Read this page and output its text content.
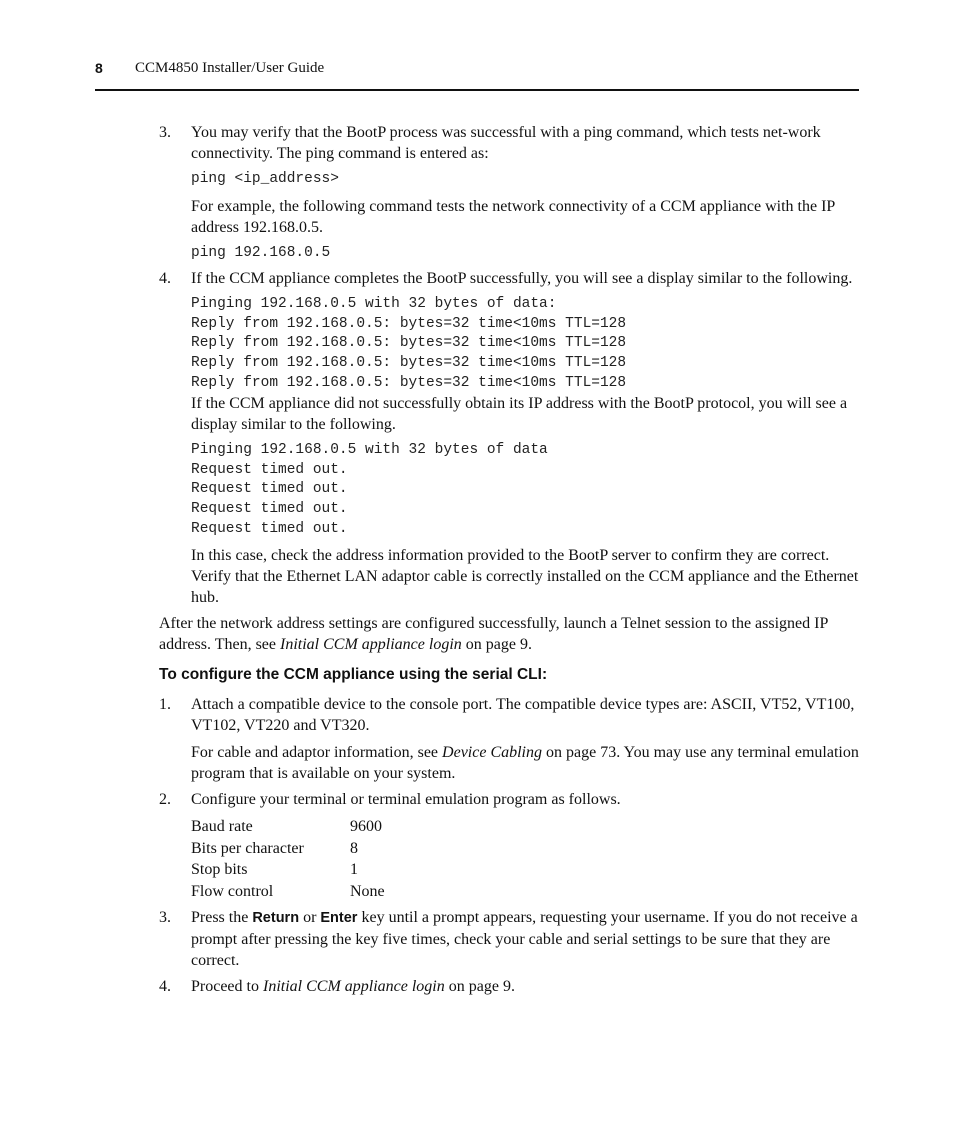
8 CCM4850 Installer/User Guide
3. You may verify that the BootP process was successful with a ping command, which tests net-work connectivity. The ping command is entered as:

ping <ip_address>

For example, the following command tests the network connectivity of a CCM appliance with the IP address 192.168.0.5.

ping 192.168.0.5
4. If the CCM appliance completes the BootP successfully, you will see a display similar to the following.

Pinging 192.168.0.5 with 32 bytes of data:
Reply from 192.168.0.5: bytes=32 time<10ms TTL=128
Reply from 192.168.0.5: bytes=32 time<10ms TTL=128
Reply from 192.168.0.5: bytes=32 time<10ms TTL=128
Reply from 192.168.0.5: bytes=32 time<10ms TTL=128

If the CCM appliance did not successfully obtain its IP address with the BootP protocol, you will see a display similar to the following.

Pinging 192.168.0.5 with 32 bytes of data
Request timed out.
Request timed out.
Request timed out.
Request timed out.

In this case, check the address information provided to the BootP server to confirm they are correct. Verify that the Ethernet LAN adaptor cable is correctly installed on the CCM appliance and the Ethernet hub.

After the network address settings are configured successfully, launch a Telnet session to the assigned IP address. Then, see Initial CCM appliance login on page 9.

To configure the CCM appliance using the serial CLI:

1. Attach a compatible device to the console port. The compatible device types are: ASCII, VT52, VT100, VT102, VT220 and VT320.

For cable and adaptor information, see Device Cabling on page 73. You may use any terminal emulation program that is available on your system.

2. Configure your terminal or terminal emulation program as follows.

Baud rate	9600
Bits per character	8
Stop bits	1
Flow control	None
3. Press the Return or Enter key until a prompt appears, requesting your username. If you do not receive a prompt after pressing the key five times, check your cable and serial settings to be sure that they are correct.

4. Proceed to Initial CCM appliance login on page 9.
